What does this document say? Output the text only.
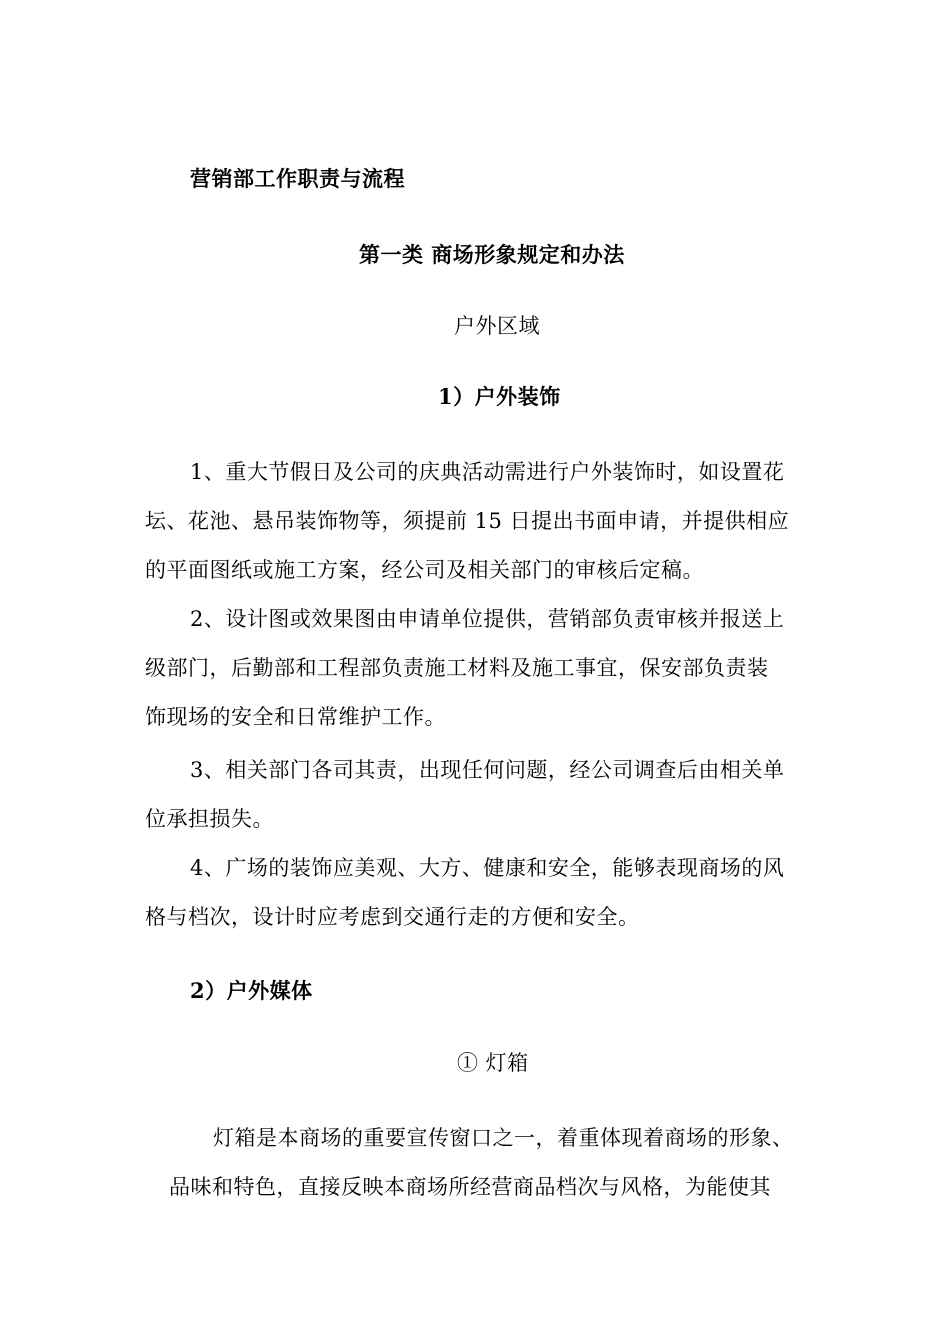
营销部工作职责与流程
第一类 商场形象规定和办法
户外区域
1）户外装饰
1、重大节假日及公司的庆典活动需进行户外装饰时，如设置花
坛、花池、悬吊装饰物等，须提前 15 日提出书面申请，并提供相应
的平面图纸或施工方案，经公司及相关部门的审核后定稿。
2、设计图或效果图由申请单位提供，营销部负责审核并报送上
级部门，后勤部和工程部负责施工材料及施工事宜，保安部负责装
饰现场的安全和日常维护工作。
3、相关部门各司其责，出现任何问题，经公司调查后由相关单
位承担损失。
4、广场的装饰应美观、大方、健康和安全，能够表现商场的风
格与档次，设计时应考虑到交通行走的方便和安全。
2）户外媒体
① 灯箱
灯箱是本商场的重要宣传窗口之一，着重体现着商场的形象、
品味和特色，直接反映本商场所经营商品档次与风格，为能使其
